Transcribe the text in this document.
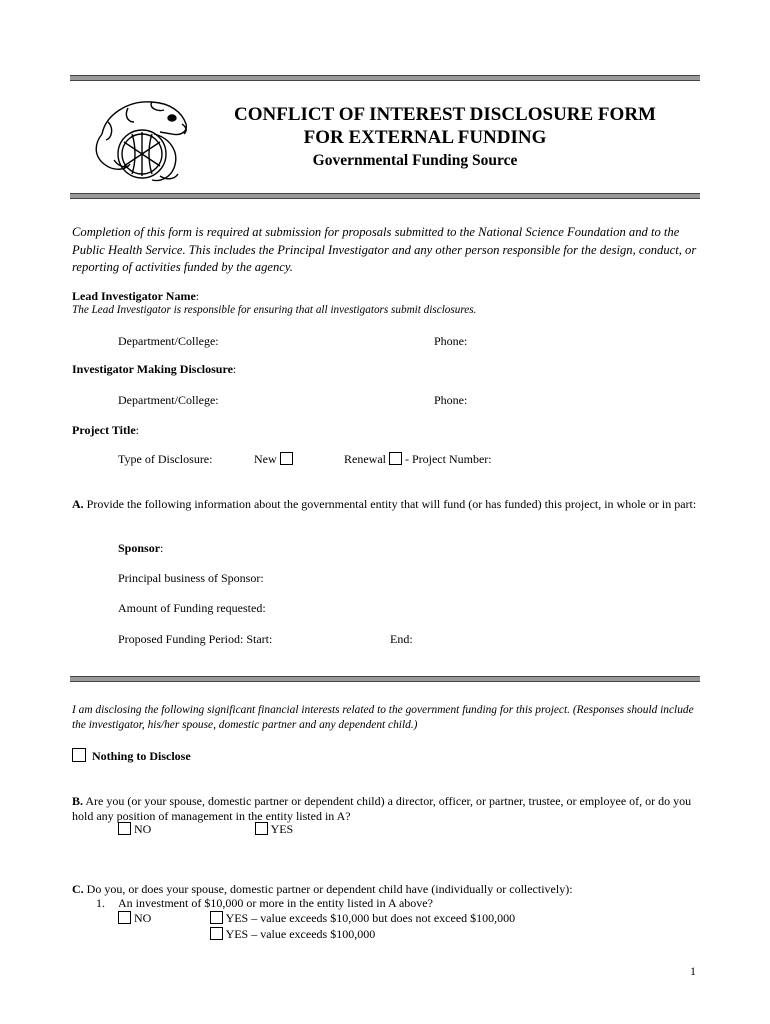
CONFLICT OF INTEREST DISCLOSURE FORM
FOR EXTERNAL FUNDING
Governmental Funding Source
Completion of this form is required at submission for proposals submitted to the National Science Foundation and to the Public Health Service. This includes the Principal Investigator and any other person responsible for the design, conduct, or reporting of activities funded by the agency.
Lead Investigator Name:
The Lead Investigator is responsible for ensuring that all investigators submit disclosures.
Department/College:	Phone:
Investigator Making Disclosure:
Department/College:	Phone:
Project Title:
Type of Disclosure:	New	Renewal - Project Number:
A. Provide the following information about the governmental entity that will fund (or has funded) this project, in whole or in part:
Sponsor:
Principal business of Sponsor:
Amount of Funding requested:
Proposed Funding Period: Start:	End:
I am disclosing the following significant financial interests related to the government funding for this project. (Responses should include the investigator, his/her spouse, domestic partner and any dependent child.)
Nothing to Disclose
B. Are you (or your spouse, domestic partner or dependent child) a director, officer, or partner, trustee, or employee of, or do you hold any position of management in the entity listed in A?
NO	YES
C. Do you, or does your spouse, domestic partner or dependent child have (individually or collectively):
1. An investment of $10,000 or more in the entity listed in A above?
NO	YES – value exceeds $10,000 but does not exceed $100,000
YES – value exceeds $100,000
1
